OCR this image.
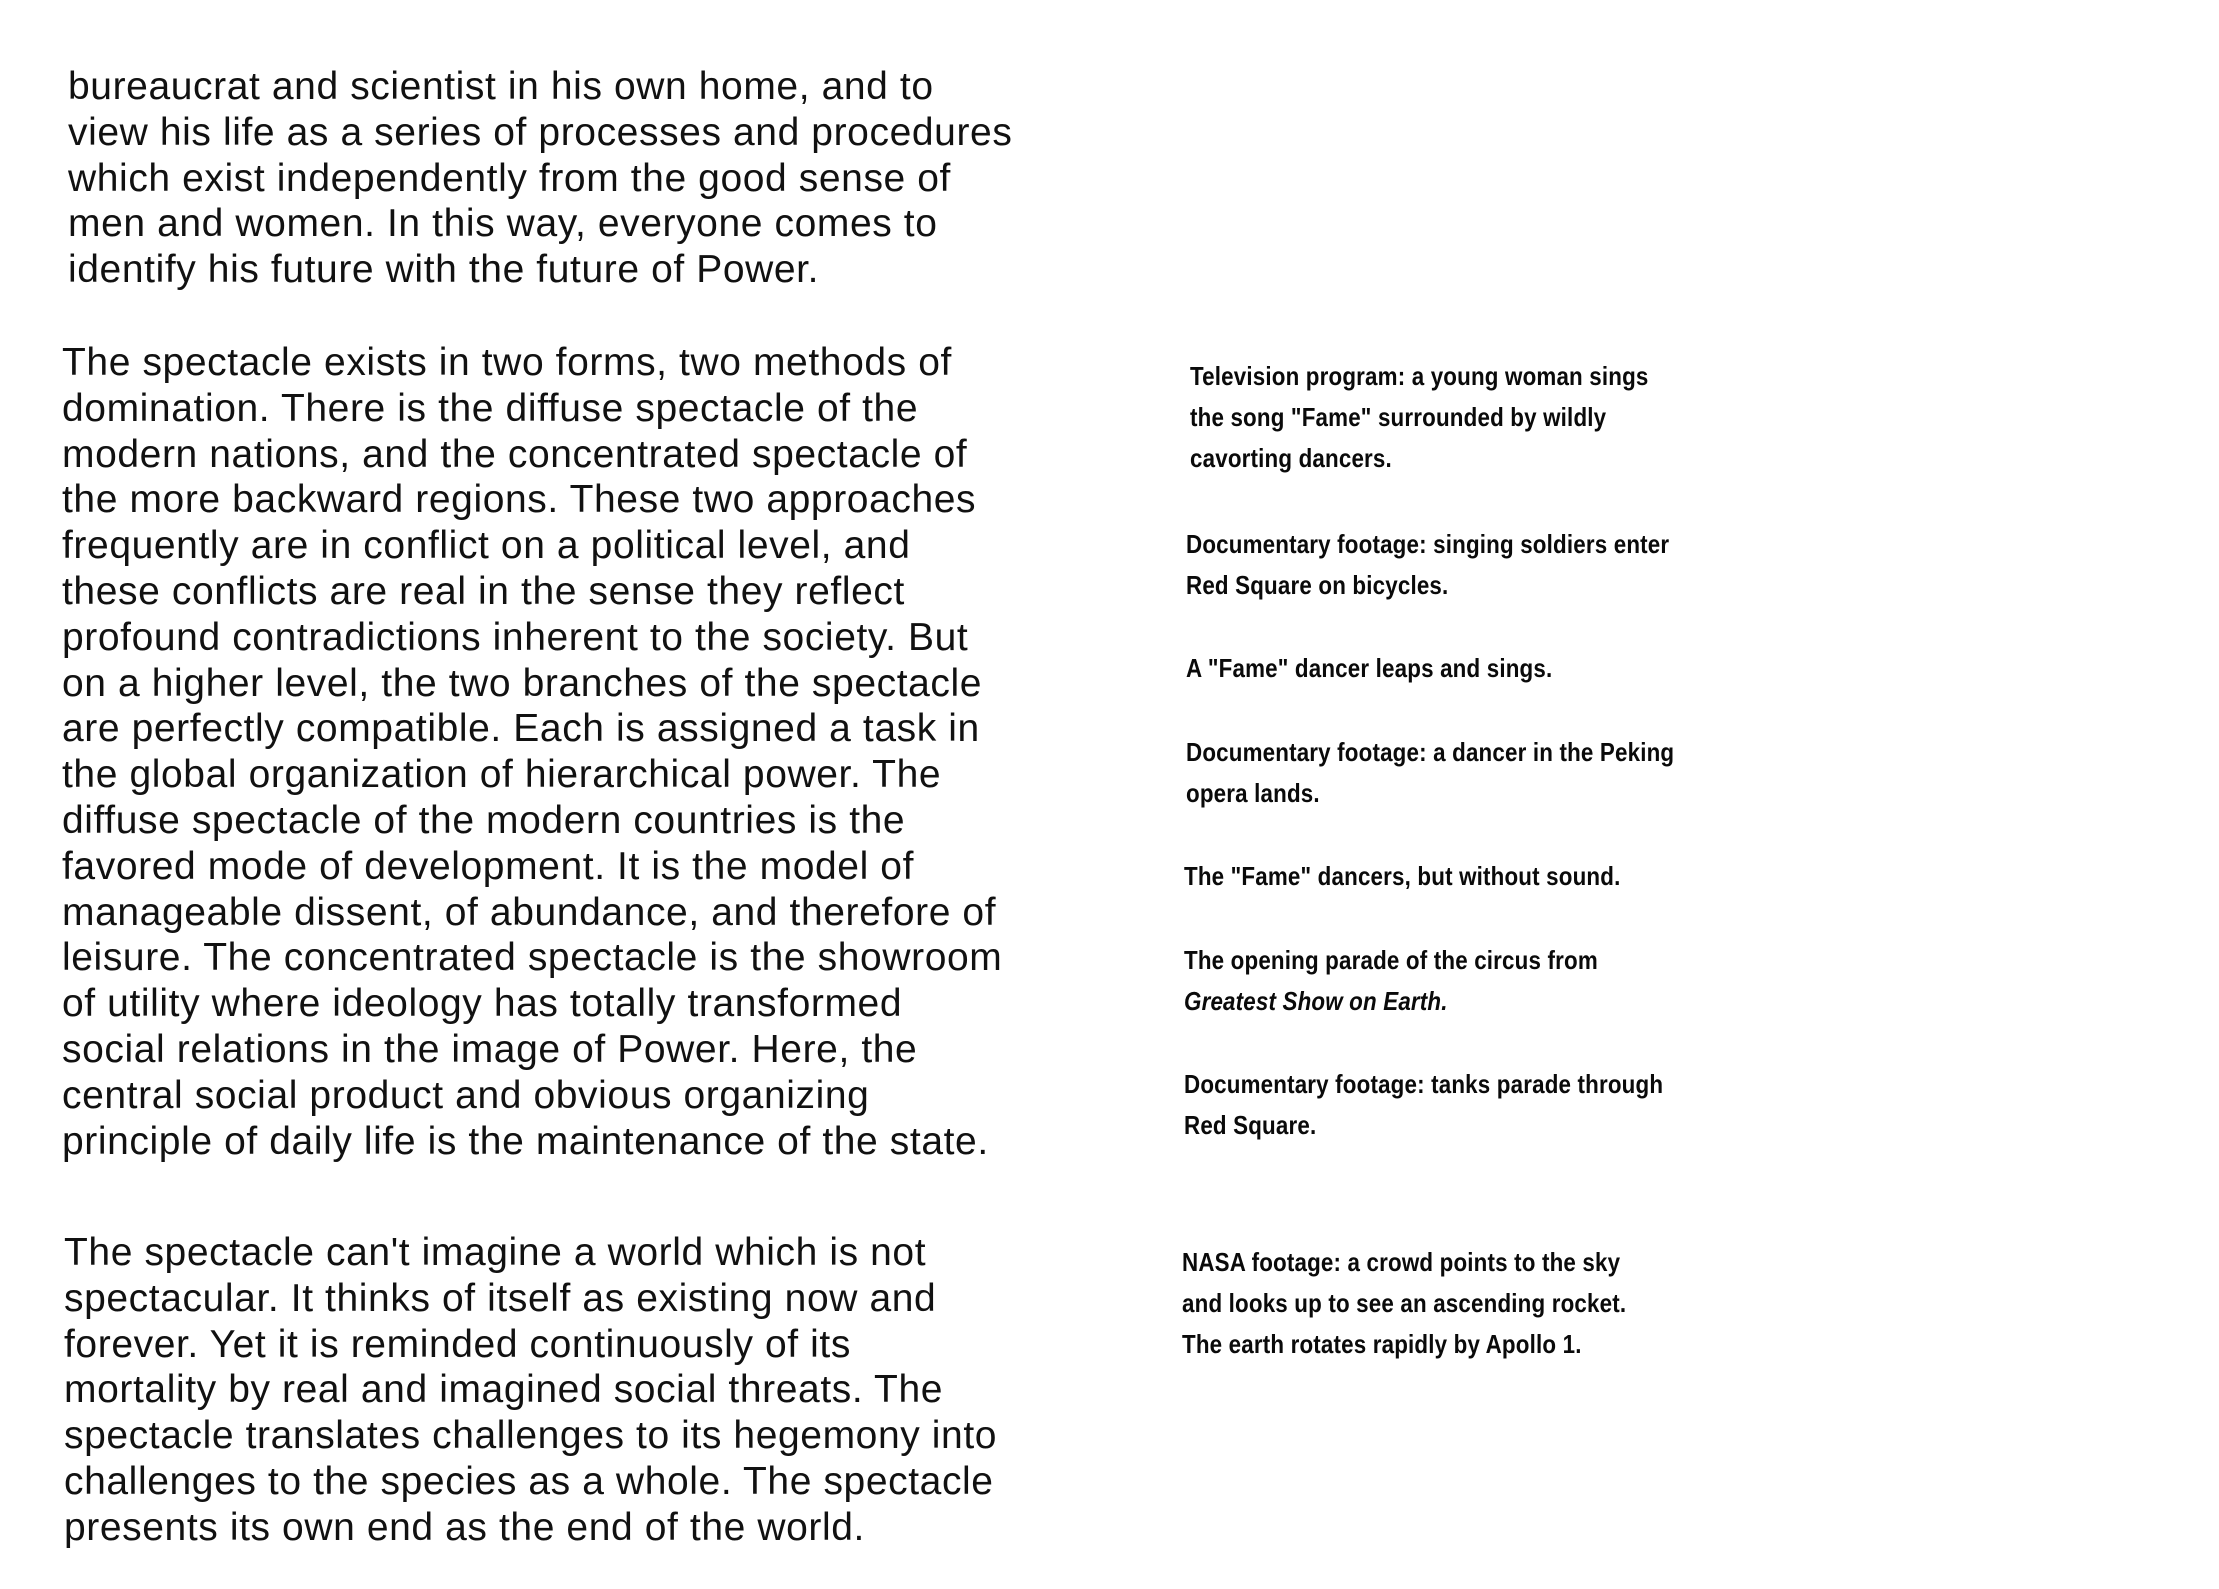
bureaucrat and scientist in his own home, and to
view his life as a series of processes and procedures
which exist independently from the good sense of
men and women. In this way, everyone comes to
identify his future with the future of Power.
The spectacle exists in two forms, two methods of
domination. There is the diffuse spectacle of the
modern nations, and the concentrated spectacle of
the more backward regions. These two approaches
frequently are in conflict on a political level, and
these conflicts are real in the sense they reflect
profound contradictions inherent to the society. But
on a higher level, the two branches of the spectacle
are perfectly compatible. Each is assigned a task in
the global organization of hierarchical power. The
diffuse spectacle of the modern countries is the
favored mode of development. It is the model of
manageable dissent, of abundance, and therefore of
leisure. The concentrated spectacle is the showroom
of utility where ideology has totally transformed
social relations in the image of Power. Here, the
central social product and obvious organizing
principle of daily life is the maintenance of the state.
The spectacle can't imagine a world which is not
spectacular. It thinks of itself as existing now and
forever. Yet it is reminded continuously of its
mortality by real and imagined social threats. The
spectacle translates challenges to its hegemony into
challenges to the species as a whole. The spectacle
presents its own end as the end of the world.
Television program: a young woman sings
the song "Fame" surrounded by wildly
cavorting dancers.
Documentary footage: singing soldiers enter
Red Square on bicycles.
A "Fame" dancer leaps and sings.
Documentary footage: a dancer in the Peking
opera lands.
The "Fame" dancers, but without sound.
The opening parade of the circus from
Greatest Show on Earth.
Documentary footage: tanks parade through
Red Square.
NASA footage: a crowd points to the sky
and looks up to see an ascending rocket.
The earth rotates rapidly by Apollo 1.
